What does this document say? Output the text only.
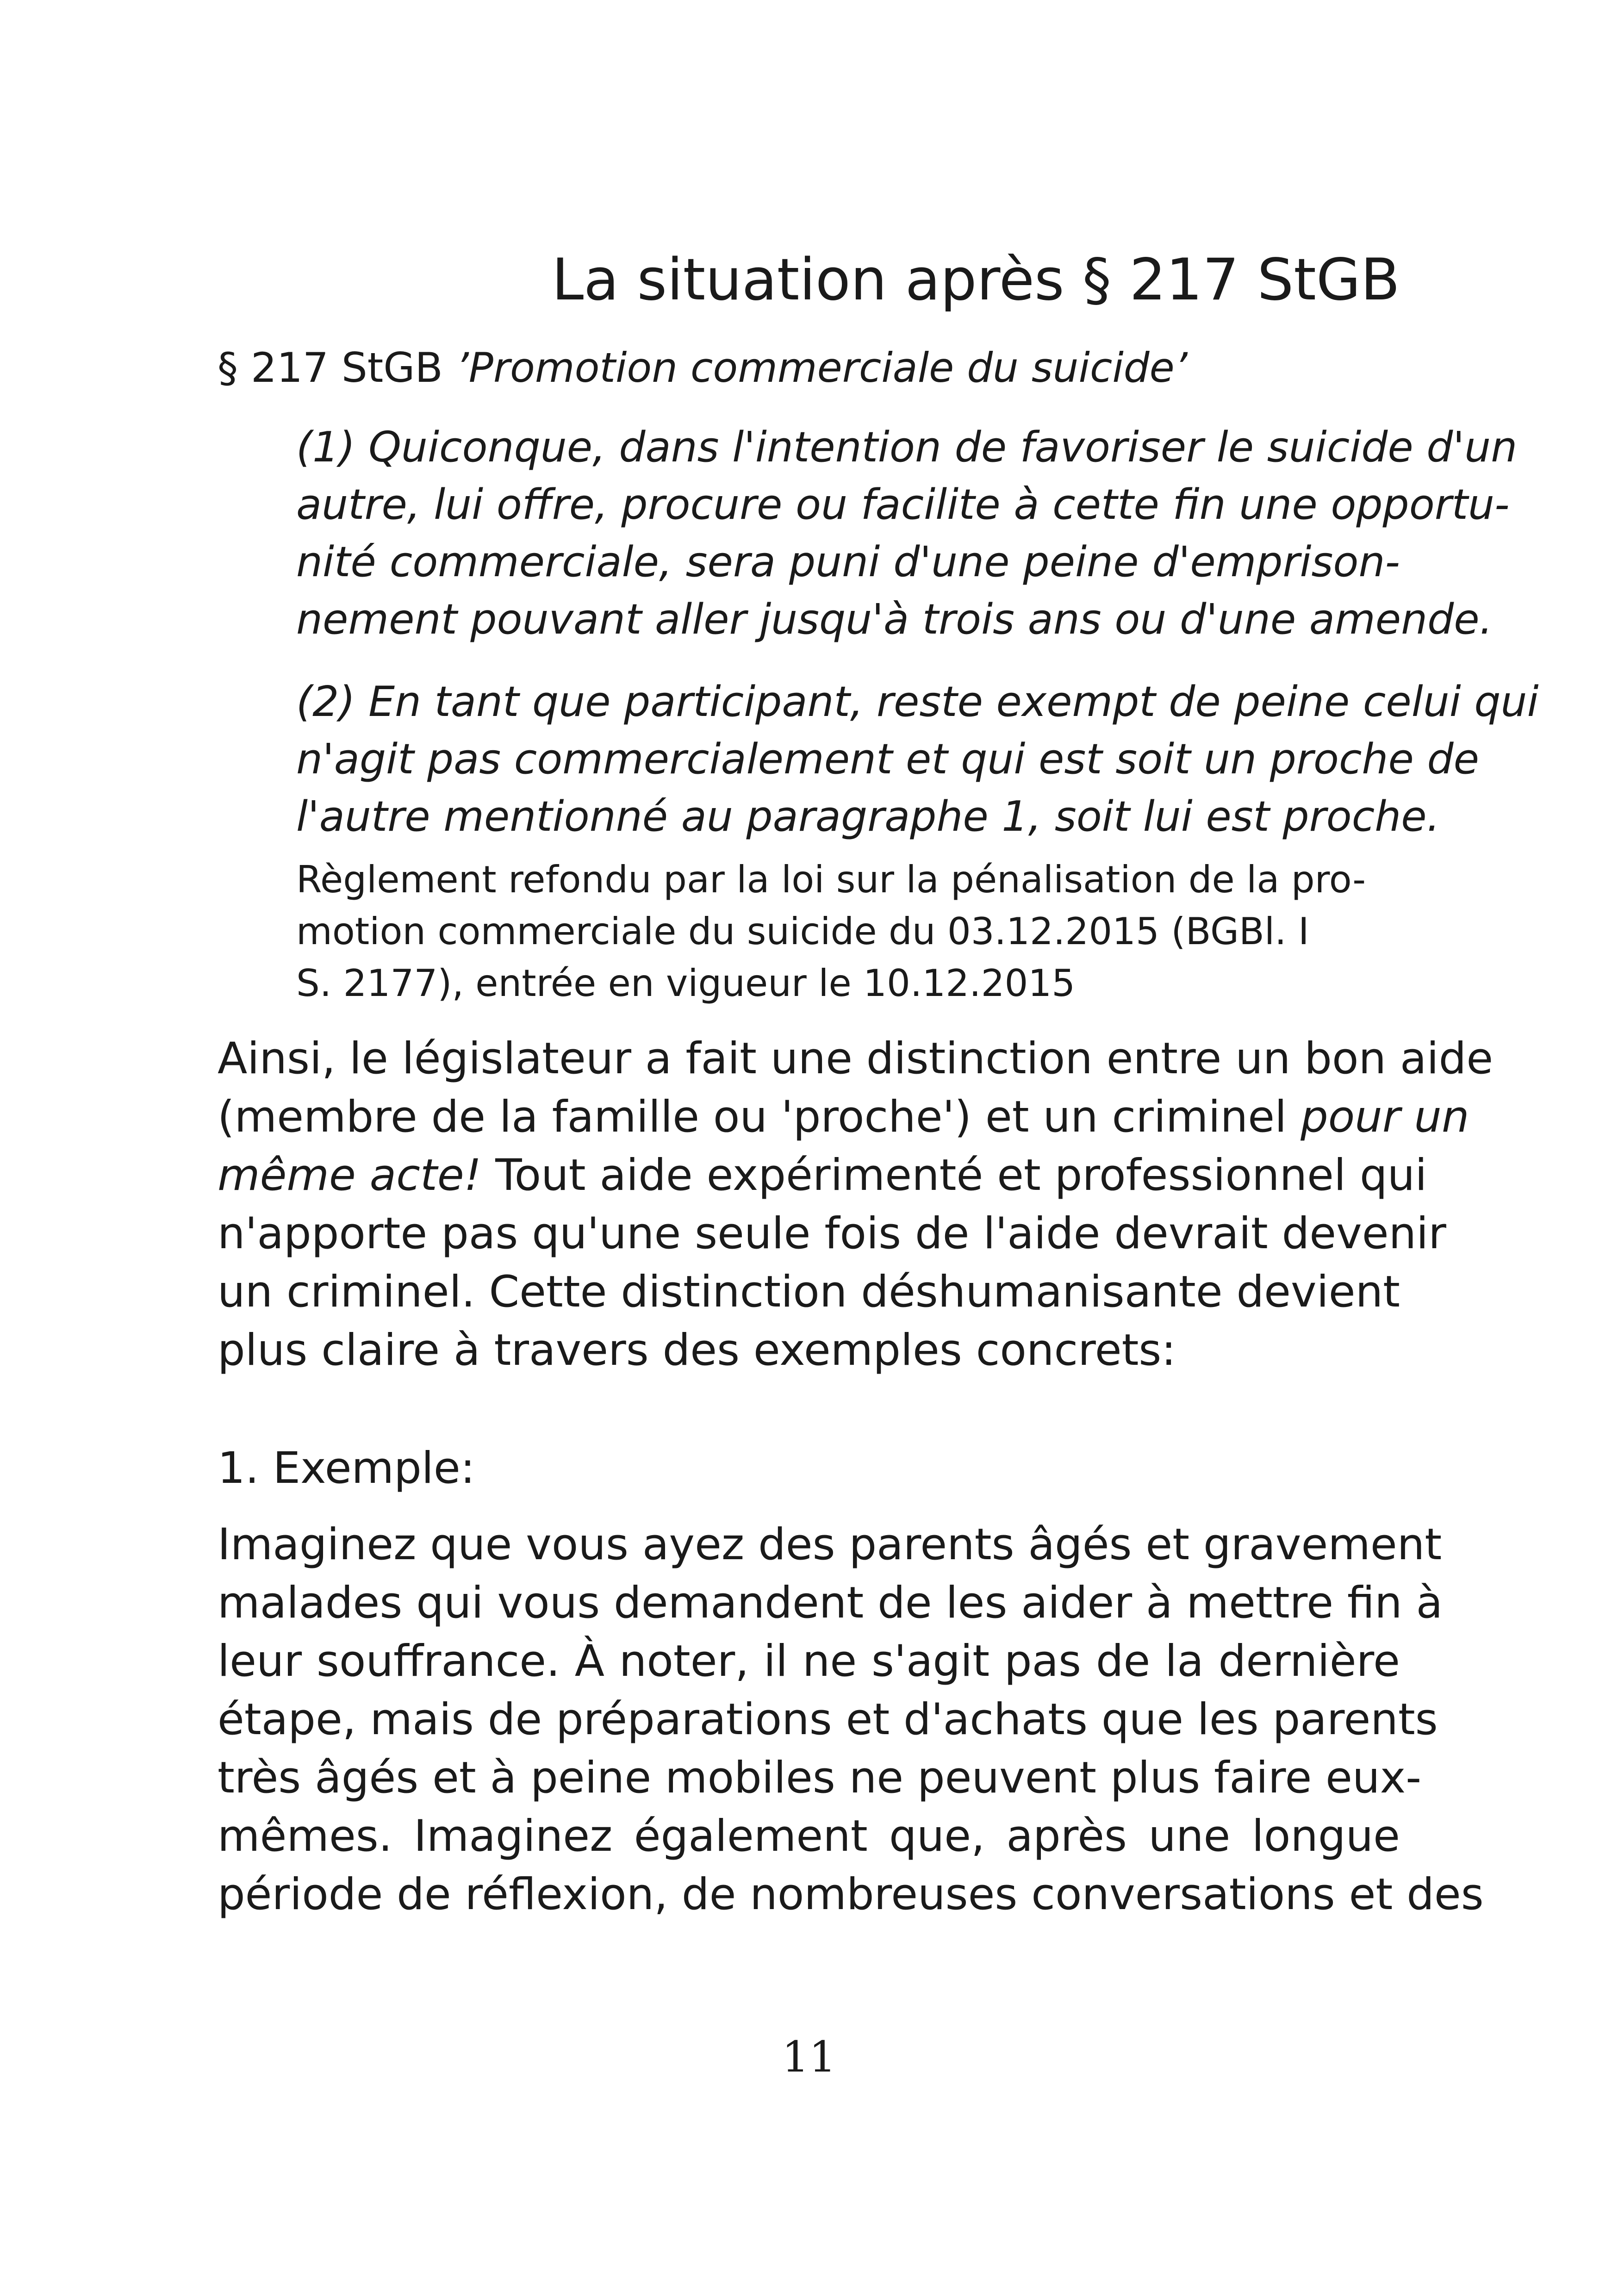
La situation après § 217 StGB
§ 217 StGB ’Promotion commerciale du suicide’
(1) Quiconque, dans l'intention de favoriser le suicide d'un
autre, lui offre, procure ou facilite à cette fin une opportu-
nité commerciale, sera puni d'une peine d'emprison-
nement pouvant aller jusqu'à trois ans ou d'une amende.
(2) En tant que participant, reste exempt de peine celui qui
n'agit pas commercialement et qui est soit un proche de
l'autre mentionné au paragraphe 1, soit lui est proche.
Règlement refondu par la loi sur la pénalisation de la pro-
motion commerciale du suicide du 03.12.2015 (BGBl. I
S. 2177), entrée en vigueur le 10.12.2015
Ainsi, le législateur a fait une distinction entre un bon aide
(membre de la famille ou 'proche') et un criminel pour un
même acte! Tout aide expérimenté et professionnel qui
n'apporte pas qu'une seule fois de l'aide devrait devenir
un criminel. Cette distinction déshumanisante devient
plus claire à travers des exemples concrets:
1. Exemple:
Imaginez que vous ayez des parents âgés et gravement
malades qui vous demandent de les aider à mettre fin à
leur souffrance. À noter, il ne s'agit pas de la dernière
étape, mais de préparations et d'achats que les parents
très âgés et à peine mobiles ne peuvent plus faire eux-
mêmes. Imaginez également que, après une longue
période de réflexion, de nombreuses conversations et des
11
